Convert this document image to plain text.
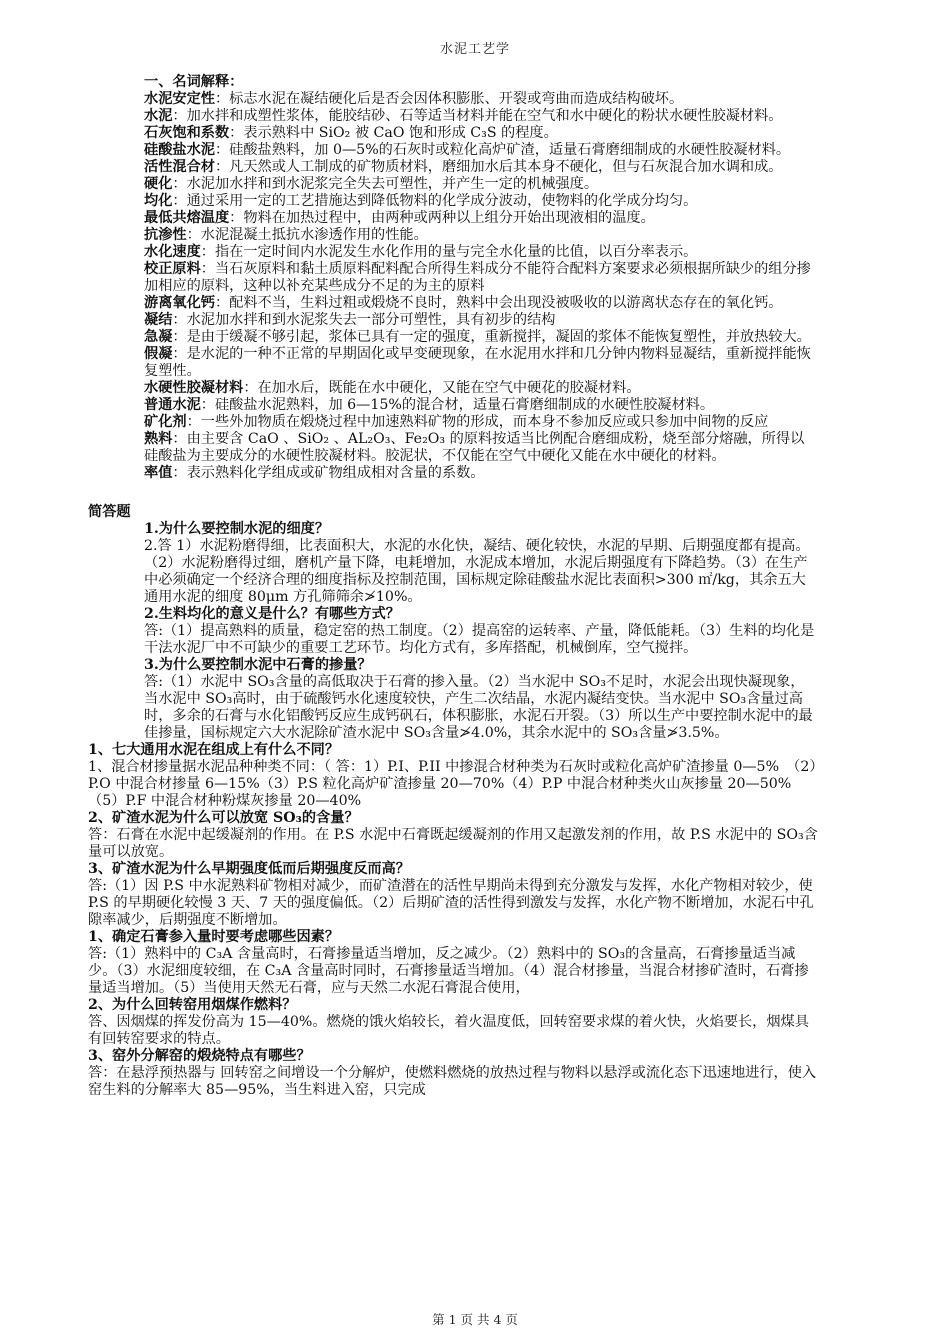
水泥工艺学
一、名词解释：

水泥安定性：标志水泥在凝结硬化后是否会因体积膨胀、开裂或弯曲而造成结构破坏。

水泥：加水拌和成塑性浆体，能胶结砂、石等适当材料并能在空气和水中硬化的粉状水硬性胶凝材料。

石灰饱和系数：表示熟料中 SiO₂ 被 CaO 饱和形成 C₃S 的程度。

硅酸盐水泥：硅酸盐熟料，加 0—5%的石灰时或粒化高炉矿渣，适量石膏磨细制成的水硬性胶凝材料。

活性混合材：凡天然或人工制成的矿物质材料，磨细加水后其本身不硬化，但与石灰混合加水调和成。

硬化：水泥加水拌和到水泥浆完全失去可塑性，并产生一定的机械强度。

均化：通过采用一定的工艺措施达到降低物料的化学成分波动，使物料的化学成分均匀。

最低共熔温度：物料在加热过程中，由两种或两种以上组分开始出现液相的温度。

抗渗性：水泥混凝土抵抗水渗透作用的性能。

水化速度：指在一定时间内水泥发生水化作用的量与完全水化量的比值，以百分率表示。

校正原料：当石灰原料和黏土质原料配料配合所得生料成分不能符合配料方案要求必须根据所缺少的组分掺加相应的原料，这种以补充某些成分不足的为主的原料

游离氧化钙：配料不当，生料过粗或煅烧不良时，熟料中会出现没被吸收的以游离状态存在的氧化钙。

凝结：水泥加水拌和到水泥浆失去一部分可塑性，具有初步的结构

急凝：是由于缓凝不够引起，浆体已具有一定的强度，重新搅拌，凝固的浆体不能恢复塑性，并放热较大。

假凝：是水泥的一种不正常的早期固化或早变硬现象，在水泥用水拌和几分钟内物料显凝结，重新搅拌能恢复塑性。

水硬性胶凝材料：在加水后，既能在水中硬化，又能在空气中硬花的胶凝材料。

普通水泥：硅酸盐水泥熟料，加 6—15%的混合材，适量石膏磨细制成的水硬性胶凝材料。

矿化剂：一些外加物质在煅烧过程中加速熟料矿物的形成，而本身不参加反应或只参加中间物的反应

熟料：由主要含 CaO 、SiO₂ 、AL₂O₃、Fe₂O₃ 的原料按适当比例配合磨细成粉，烧至部分熔融，所得以硅酸盐为主要成分的水硬性胶凝材料。胶泥状，不仅能在空气中硬化又能在水中硬化的材料。

率值：表示熟料化学组成或矿物组成相对含量的系数。

简答题

1.为什么要控制水泥的细度？

2.答 1）水泥粉磨得细，比表面积大，水泥的水化快，凝结、硬化较快，水泥的早期、后期强度都有提高。（2）水泥粉磨得过细，磨机产量下降，电耗增加，水泥成本增加，水泥后期强度有下降趋势。（3）在生产中必须确定一个经济合理的细度指标及控制范围，国标规定除硅酸盐水泥比表面积>300 ㎡/kg，其余五大通用水泥的细度 80μm 方孔筛筛余≯10%。

2.生料均化的意义是什么？有哪些方式？

答:（1）提高熟料的质量，稳定窑的热工制度。（2）提高窑的运转率、产量，降低能耗。（3）生料的均化是干法水泥厂中不可缺少的重要工艺环节。均化方式有，多库搭配，机械倒库，空气搅拌。

3.为什么要控制水泥中石膏的掺量？

答:（1）水泥中 SO₃含量的高低取决于石膏的掺入量。（2）当水泥中 SO₃不足时，水泥会出现快凝现象，当水泥中 SO₃高时，由于硫酸钙水化速度较快，产生二次结晶，水泥内凝结变快。当水泥中 SO₃含量过高时，多余的石膏与水化铝酸钙反应生成钙矾石，体积膨胀，水泥石开裂。（3）所以生产中要控制水泥中的最佳掺量，国标规定六大水泥除矿渣水泥中 SO₃含量≯4.0%，其余水泥中的 SO₃含量≯3.5%。

1、七大通用水泥在组成上有什么不同？

1、混合材掺量据水泥品种种类不同：（ 答：1）P.I、P.II 中掺混合材种类为石灰时或粒化高炉矿渣掺量 0—5%　（2）P.O 中混合材掺量 6—15%（3）P.S 粒化高炉矿渣掺量 20—70%（4）P.P 中混合材种类火山灰掺量 20—50%　（5）P.F 中混合材种粉煤灰掺量 20—40%

2、矿渣水泥为什么可以放宽 SO₃的含量？

答：石膏在水泥中起缓凝剂的作用。在 P.S 水泥中石膏既起缓凝剂的作用又起激发剂的作用，故 P.S 水泥中的 SO₃含量可以放宽。

3、矿渣水泥为什么早期强度低而后期强度反而高？

答:（1）因 P.S 中水泥熟料矿物相对减少，而矿渣潜在的活性早期尚未得到充分激发与发挥，水化产物相对较少，使 P.S 的早期硬化较慢 3 天、7 天的强度偏低。（2）后期矿渣的活性得到激发与发挥，水化产物不断增加，水泥石中孔隙率减少，后期强度不断增加。

1、确定石膏参入量时要考虑哪些因素？

答:（1）熟料中的 C₃A 含量高时，石膏掺量适当增加，反之减少。（2）熟料中的 SO₃的含量高，石膏掺量适当减少。（3）水泥细度较细，在 C₃A 含量高时同时，石膏掺量适当增加。（4）混合材掺量，当混合材掺矿渣时，石膏掺量适当增加。（5）当使用天然无石膏，应与天然二水泥石膏混合使用，

2、为什么回转窑用烟煤作燃料？

答、因烟煤的挥发份高为 15—40%。燃烧的饿火焰较长，着火温度低，回转窑要求煤的着火快，火焰要长，烟煤具有回转窑要求的特点。

3、窑外分解窑的煅烧特点有哪些？

答：在悬浮预热器与 回转窑之间增设一个分解炉，使燃料燃烧的放热过程与物料以悬浮或流化态下迅速地进行，使入窑生料的分解率大 85—95%，当生料进入窑，只完成

第 1 页 共 4 页
